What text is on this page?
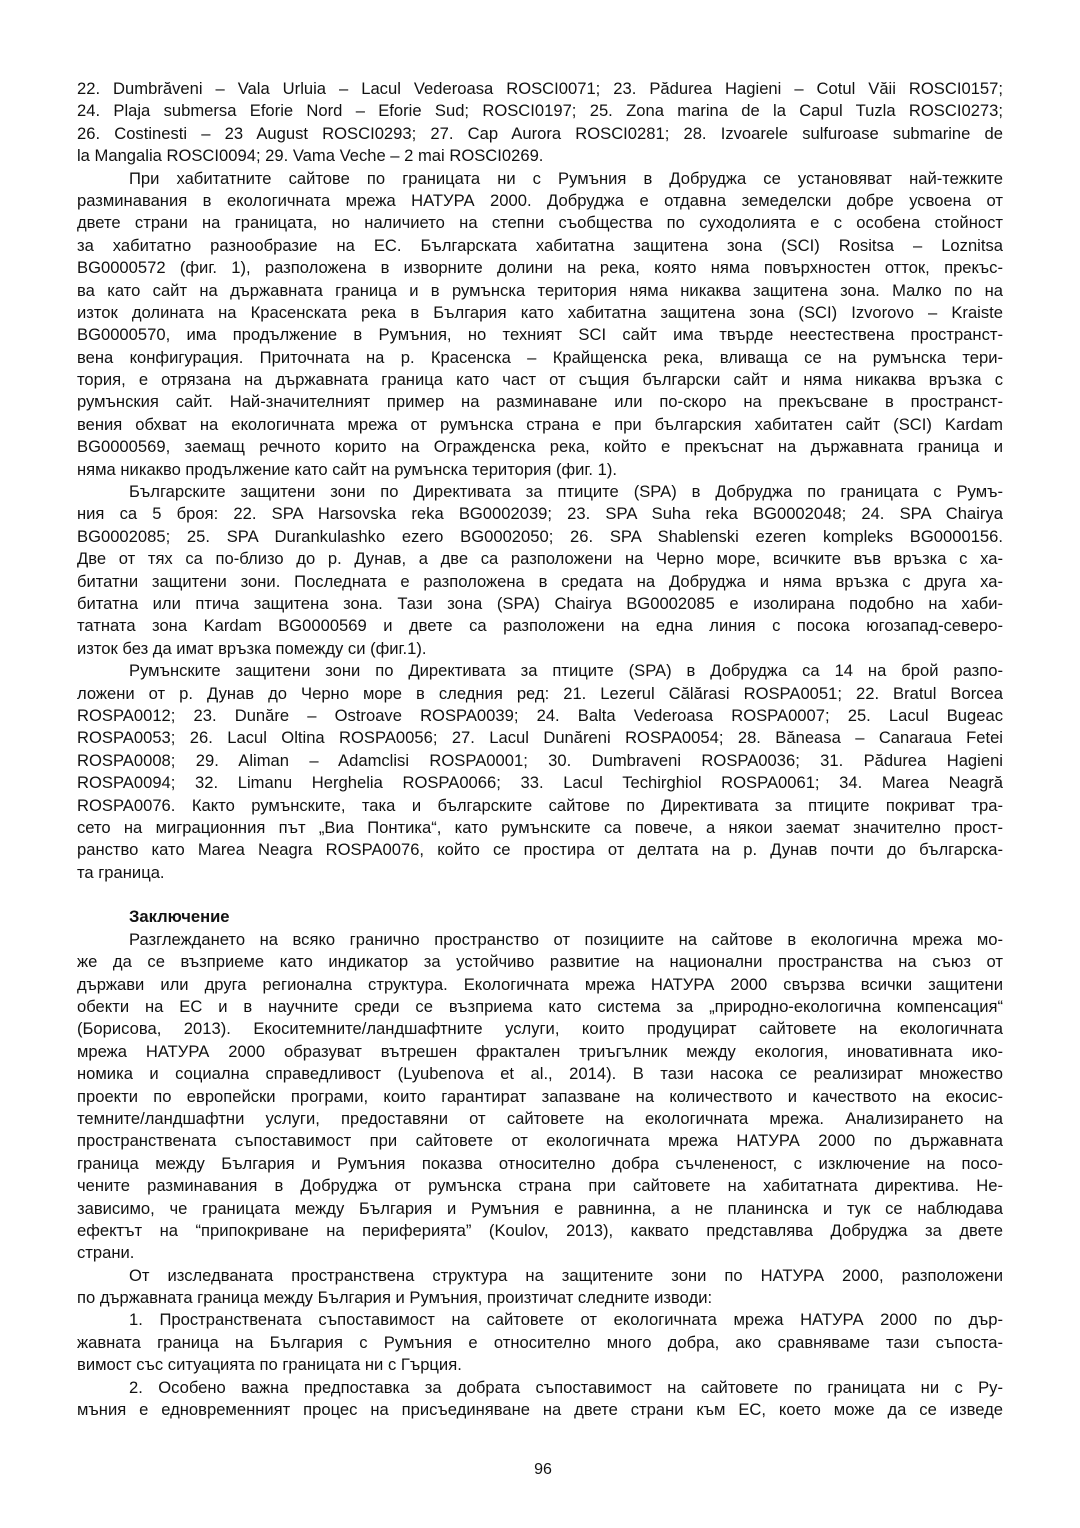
22. Dumbrăveni – Vala Urluia – Lacul Vederoasa ROSCI0071; 23. Pădurea Hagieni – Cotul Văii ROSCI0157;
24. Plaja submersa Eforie Nord – Eforie Sud; ROSCI0197; 25. Zona marina de la Capul Tuzla ROSCI0273;
26. Costinesti – 23 August ROSCI0293; 27. Cap Aurora ROSCI0281; 28. Izvoarele sulfuroase submarine de
la Mangalia ROSCI0094; 29. Vama Veche – 2 mai ROSCI0269.
При хабитатните сайтове по границата ни с Румъния в Добруджа се установяват най-тежките
разминавания в екологичната мрежа НАТУРА 2000. Добруджа е отдавна земеделски добре усвоена от
двете страни на границата, но наличието на степни съобщества по суходолията е с особена стойност
за хабитатно разнообразие на ЕС. Българската хабитатна защитена зона (SCI) Rositsa – Loznitsa
BG0000572 (фиг. 1), разположена в изворните долини на река, която няма повърхностен отток, прекъс-
ва като сайт на държавната граница и в румънска територия няма никаква защитена зона. Малко по на
изток долината на Красенската река в България като хабитатна защитена зона (SCI) Izvorovo – Kraiste
BG0000570, има продължение в Румъния, но техният SCI сайт има твърде неестествена пространст-
вена конфигурация. Приточната на р. Красенска – Крайщенска река, вливаща се на румънска тери-
тория, е отрязана на държавната граница като част от същия български сайт и няма никаква връзка с
румънския сайт. Най-значителният пример на разминаване или по-скоро на прекъсване в пространст-
вения обхват на екологичната мрежа от румънска страна е при българския хабитатен сайт (SCI) Kardam
BG0000569, заемащ речното корито на Огражденска река, който е прекъснат на държавната граница и
няма никакво продължение като сайт на румънска територия (фиг. 1).
Българските защитени зони по Директивата за птиците (SPA) в Добруджа по границата с Румъ-
ния са 5 броя: 22. SPA Harsovska reka BG0002039; 23. SPA Suha reka BG0002048; 24. SPA Chairya
BG0002085; 25. SPA Durankulashko ezero BG0002050; 26. SPA Shablenski ezeren kompleks BG0000156.
Две от тях са по-близо до р. Дунав, а две са разположени на Черно море, всичките във връзка с ха-
битатни защитени зони. Последната е разположена в средата на Добруджа и няма връзка с друга ха-
битатна или птича защитена зона. Тази зона (SPA) Chairya BG0002085 е изолирана подобно на хаби-
татната зона Kardam BG0000569 и двете са разположени на една линия с посока югозапад-северо-
изток без да имат връзка помежду си (фиг.1).
Румънските защитени зони по Директивата за птиците (SPA) в Добруджа са 14 на брой разпо-
ложени от р. Дунав до Черно море в следния ред: 21. Lezerul Călărasi ROSPA0051; 22. Bratul Borcea
ROSPA0012; 23. Dunăre – Ostroave ROSPA0039; 24. Balta Vederoasa ROSPA0007; 25. Lacul Bugeac
ROSPA0053; 26. Lacul Oltina ROSPA0056; 27. Lacul Dunăreni ROSPA0054; 28. Băneasa – Canaraua Fetei
ROSPA0008; 29. Aliman – Adamclisi ROSPA0001; 30. Dumbraveni ROSPA0036; 31. Pădurea Hagieni
ROSPA0094; 32. Limanu Herghelia ROSPA0066; 33. Lacul Techirghiol ROSPA0061; 34. Marea Neagră
ROSPA0076. Както румънските, така и българските сайтове по Директивата за птиците покриват тра-
сето на миграционния път „Виа Понтика“, като румънските са повече, а някои заемат значително прост-
ранство като Marea Neagra ROSPA0076, който се простира от делтата на р. Дунав почти до българска-
та граница.
Заключение
Разглеждането на всяко гранично пространство от позициите на сайтове в екологична мрежа мо-
же да се възприеме като индикатор за устойчиво развитие на национални пространства на съюз от
държави или друга регионална структура. Екологичната мрежа НАТУРА 2000 свързва всички защитени
обекти на ЕС и в научните среди се възприема като система за „природно-екологична компенсация“
(Борисова, 2013). Екоситемните/ландшафтните услуги, които продуцират сайтовете на екологичната
мрежа НАТУРА 2000 образуват вътрешен фрактален триъгълник между екология, иновативната ико-
номика и социална справедливост (Lyubenova et al., 2014). В тази насока се реализират множество
проекти по европейски програми, които гарантират запазване на количеството и качеството на екосис-
темните/ландшафтни услуги, предоставяни от сайтовете на екологичната мрежа. Анализирането на
пространствената съпоставимост при сайтовете от екологичната мрежа НАТУРА 2000 по държавната
граница между България и Румъния показва относително добра съчлененост, с изключение на посо-
чените разминавания в Добруджа от румънска страна при сайтовете на хабитатната директива. Не-
зависимо, че границата между България и Румъния е равнинна, а не планинска и тук се наблюдава
ефектът на “припокриване на периферията” (Koulov, 2013), каквато представлява Добруджа за двете
страни.
От изследваната пространствена структура на защитените зони по НАТУРА 2000, разположени
по държавната граница между България и Румъния, произтичат следните изводи:
1. Пространствената съпоставимост на сайтовете от екологичната мрежа НАТУРА 2000 по дър-
жавната граница на България с Румъния е относително много добра, ако сравняваме тази съпоста-
вимост със ситуацията по границата ни с Гърция.
2. Особено важна предпоставка за добрата съпоставимост на сайтовете по границата ни с Ру-
мъния е едновременният процес на присъединяване на двете страни към ЕС, което може да се изведе
96
